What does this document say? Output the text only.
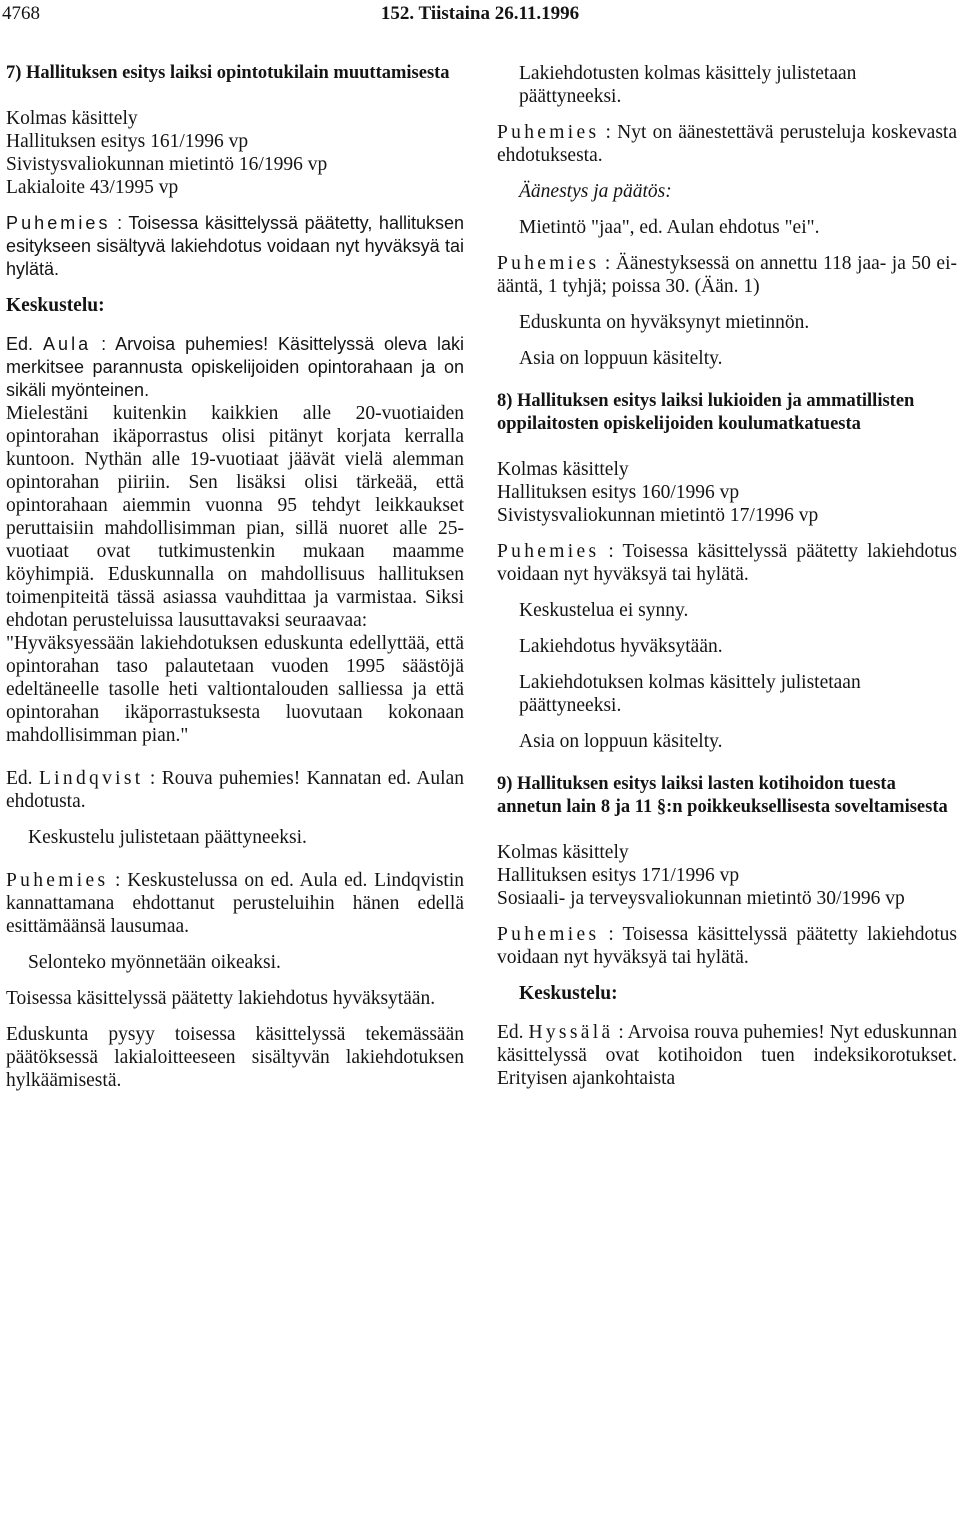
4768	152. Tiistaina 26.11.1996

7) Hallituksen esitys laiksi opintotukilain muuttamisesta

Kolmas käsittely
Hallituksen esitys 161/1996 vp
Sivistysvaliokunnan mietintö 16/1996 vp
Lakialoite 43/1995 vp

Puhemies : Toisessa käsittelyssä päätetty, hallituksen esitykseen sisältyvä lakiehdotus voidaan nyt hyväksyä tai hylätä.

Keskustelu:

Ed. Aula : Arvoisa puhemies! Käsittelyssä oleva laki merkitsee parannusta opiskelijoiden opintorahaan ja on sikäli myönteinen.

Mielestäni kuitenkin kaikkien alle 20-vuotiaiden opintorahan ikäporrastus olisi pitänyt korjata kerralla kuntoon. Nythän alle 19-vuotiaat jäävät vielä alemman opintorahan piiriin. Sen lisäksi olisi tärkeää, että opintorahaan aiemmin vuonna 95 tehdyt leikkaukset peruttaisiin mahdollisimman pian, sillä nuoret alle 25-vuotiaat ovat tutkimustenkin mukaan maamme köyhimpiä. Eduskunnalla on mahdollisuus hallituksen toimenpiteitä tässä asiassa vauhdittaa ja varmistaa. Siksi ehdotan perusteluissa lausuttavaksi seuraavaa:

"Hyväksyessään lakiehdotuksen eduskunta edellyttää, että opintorahan taso palautetaan vuoden 1995 säästöjä edeltäneelle tasolle heti valtiontalouden salliessa ja että opintorahan ikäporrastuksesta luovutaan kokonaan mahdollisimman pian."

Ed. Lindqvist : Rouva puhemies! Kannatan ed. Aulan ehdotusta.

Keskustelu julistetaan päättyneeksi.

Puhemies : Keskustelussa on ed. Aula ed. Lindqvistin kannattamana ehdottanut perusteluihin hänen edellä esittämäänsä lausumaa.

Selonteko myönnetään oikeaksi.

Toisessa käsittelyssä päätetty lakiehdotus hyväksytään.

Eduskunta pysyy toisessa käsittelyssä tekemässään päätöksessä lakialoitteeseen sisältyvän lakiehdotuksen hylkäämisestä.

Lakiehdotusten kolmas käsittely julistetaan päättyneeksi.

Puhemies : Nyt on äänestettävä perusteluja koskevasta ehdotuksesta.

Äänestys ja päätös:

Mietintö "jaa", ed. Aulan ehdotus "ei".

Puhemies : Äänestyksessä on annettu 118 jaa- ja 50 ei-ääntä, 1 tyhjä; poissa 30. (Ään. 1)

Eduskunta on hyväksynyt mietinnön.

Asia on loppuun käsitelty.

8) Hallituksen esitys laiksi lukioiden ja ammatillisten oppilaitosten opiskelijoiden koulumatkatuesta

Kolmas käsittely
Hallituksen esitys 160/1996 vp
Sivistysvaliokunnan mietintö 17/1996 vp

Puhemies : Toisessa käsittelyssä päätetty lakiehdotus voidaan nyt hyväksyä tai hylätä.

Keskustelua ei synny.

Lakiehdotus hyväksytään.

Lakiehdotuksen kolmas käsittely julistetaan päättyneeksi.

Asia on loppuun käsitelty.

9) Hallituksen esitys laiksi lasten kotihoidon tuesta annetun lain 8 ja 11 §:n poikkeuksellisesta soveltamisesta

Kolmas käsittely
Hallituksen esitys 171/1996 vp
Sosiaali- ja terveysvaliokunnan mietintö 30/1996 vp

Puhemies : Toisessa käsittelyssä päätetty lakiehdotus voidaan nyt hyväksyä tai hylätä.

Keskustelu:

Ed. Hyssälä : Arvoisa rouva puhemies! Nyt eduskunnan käsittelyssä ovat kotihoidon tuen indeksikorotukset. Erityisen ajankohtaista
